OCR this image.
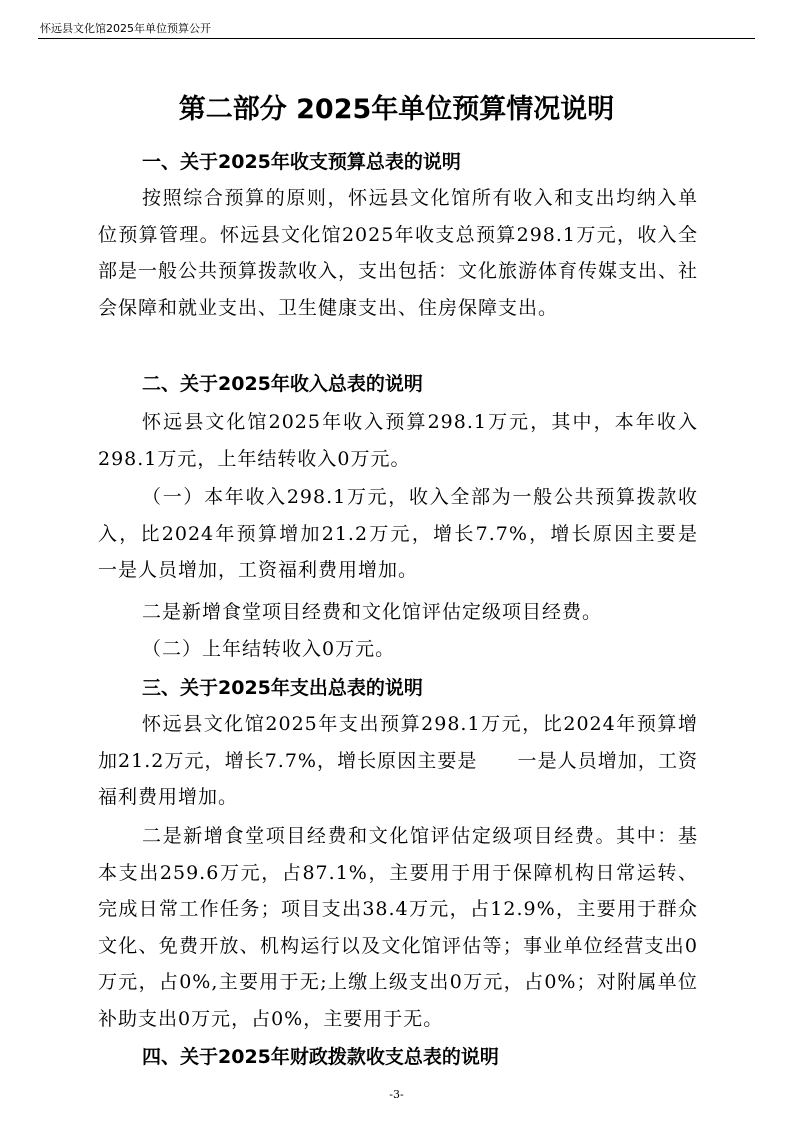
怀远县文化馆2025年单位预算公开
第二部分 2025年单位预算情况说明
一、关于2025年收支预算总表的说明

按照综合预算的原则，怀远县文化馆所有收入和支出均纳入单位预算管理。怀远县文化馆2025年收支总预算298.1万元，收入全部是一般公共预算拨款收入，支出包括：文化旅游体育传媒支出、社会保障和就业支出、卫生健康支出、住房保障支出。

二、关于2025年收入总表的说明

怀远县文化馆2025年收入预算298.1万元，其中，本年收入298.1万元，上年结转收入0万元。

（一）本年收入298.1万元，收入全部为一般公共预算拨款收入，比2024年预算增加21.2万元，增长7.7%，增长原因主要是　　一是人员增加，工资福利费用增加。

二是新增食堂项目经费和文化馆评估定级项目经费。

（二）上年结转收入0万元。

三、关于2025年支出总表的说明

怀远县文化馆2025年支出预算298.1万元，比2024年预算增加21.2万元，增长7.7%，增长原因主要是　　一是人员增加，工资福利费用增加。

二是新增食堂项目经费和文化馆评估定级项目经费。其中：基本支出259.6万元，占87.1%，主要用于用于保障机构日常运转、完成日常工作任务；项目支出38.4万元，占12.9%，主要用于群众文化、免费开放、机构运行以及文化馆评估等；事业单位经营支出0万元，占0%,主要用于无;上缴上级支出0万元，占0%；对附属单位补助支出0万元，占0%，主要用于无。

四、关于2025年财政拨款收支总表的说明
-3-
